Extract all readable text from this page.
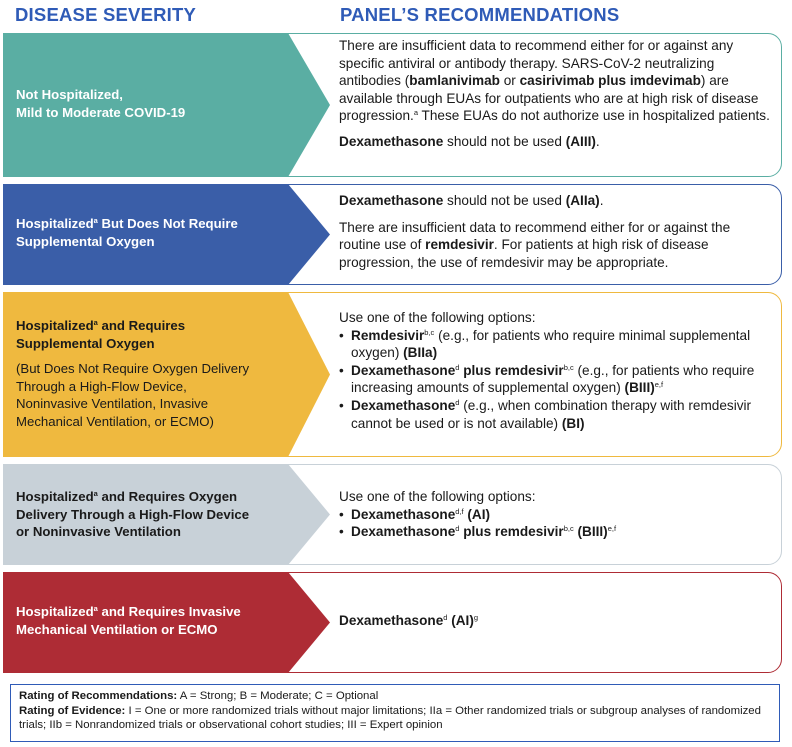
DISEASE SEVERITY	PANEL’S RECOMMENDATIONS
Not Hospitalized,
Mild to Moderate COVID-19

There are insufficient data to recommend either for or against any specific antiviral or antibody therapy. SARS-CoV-2 neutralizing antibodies (bamlanivimab or casirivimab plus imdevimab) are available through EUAs for outpatients who are at high risk of disease progression.$^a$ These EUAs do not authorize use in hospitalized patients.

Dexamethasone should not be used (AIII).

Hospitalized$^a$ But Does Not Require
Supplemental Oxygen

Dexamethasone should not be used (AIIa).

There are insufficient data to recommend either for or against the routine use of remdesivir. For patients at high risk of disease progression, the use of remdesivir may be appropriate.

Hospitalized$^a$ and Requires
Supplemental Oxygen
(But Does Not Require Oxygen Delivery
Through a High-Flow Device,
Noninvasive Ventilation, Invasive
Mechanical Ventilation, or ECMO)

Use one of the following options:

• Remdesivir$^{b,c}$ (e.g., for patients who require minimal supplemental oxygen) (BIIa)
• Dexamethasone$^d$ plus remdesivir$^{b,c}$ (e.g., for patients who require increasing amounts of supplemental oxygen) (BIII)$^{e,f}$
• Dexamethasone$^d$ (e.g., when combination therapy with remdesivir cannot be used or is not available) (BI)
Hospitalized$^a$ and Requires Oxygen
Delivery Through a High-Flow Device
or Noninvasive Ventilation

Use one of the following options:

• Dexamethasone$^{d,f}$ (AI)
• Dexamethasone$^d$ plus remdesivir$^{b,c}$ (BIII)$^{e,f}$
Hospitalized$^a$ and Requires Invasive
Mechanical Ventilation or ECMO

Dexamethasone$^d$ (AI)$^g$

Rating of Recommendations: A = Strong; B = Moderate; C = Optional

Rating of Evidence: I = One or more randomized trials without major limitations; IIa = Other randomized trials or subgroup analyses of randomized trials; IIb = Nonrandomized trials or observational cohort studies; III = Expert opinion
